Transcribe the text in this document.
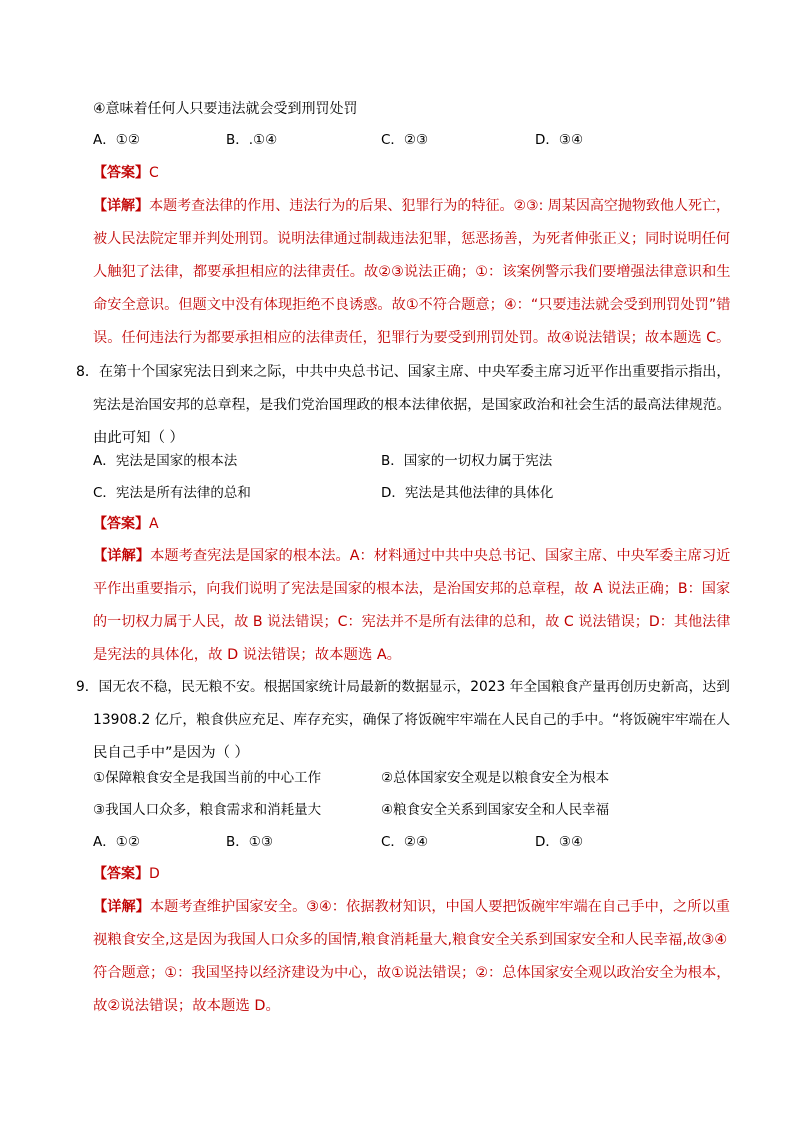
④意味着任何人只要违法就会受到刑罚处罚
A．①②	B．.①④	C．②③	D．③④
【答案】C
【详解】本题考查法律的作用、违法行为的后果、犯罪行为的特征。②③: 周某因高空抛物致他人死亡，
被人民法院定罪并判处刑罚。说明法律通过制裁违法犯罪，惩恶扬善，为死者伸张正义；同时说明任何
人触犯了法律，都要承担相应的法律责任。故②③说法正确；①：该案例警示我们要增强法律意识和生
命安全意识。但题文中没有体现拒绝不良诱惑。故①不符合题意；④：“只要违法就会受到刑罚处罚”错
误。任何违法行为都要承担相应的法律责任，犯罪行为要受到刑罚处罚。故④说法错误；故本题选 C。
8．在第十个国家宪法日到来之际，中共中央总书记、国家主席、中央军委主席习近平作出重要指示指出，
宪法是治国安邦的总章程，是我们党治国理政的根本法律依据，是国家政治和社会生活的最高法律规范。
由此可知（ ）
A．宪法是国家的根本法	B．国家的一切权力属于宪法
C．宪法是所有法律的总和	D．宪法是其他法律的具体化
【答案】A
【详解】本题考查宪法是国家的根本法。A：材料通过中共中央总书记、国家主席、中央军委主席习近
平作出重要指示，向我们说明了宪法是国家的根本法，是治国安邦的总章程，故 A 说法正确；B：国家
的一切权力属于人民，故 B 说法错误；C：宪法并不是所有法律的总和，故 C 说法错误；D：其他法律
是宪法的具体化，故 D 说法错误；故本题选 A。
9．国无农不稳，民无粮不安。根据国家统计局最新的数据显示，2023 年全国粮食产量再创历史新高，达到
13908.2 亿斤，粮食供应充足、库存充实，确保了将饭碗牢牢端在人民自己的手中。“将饭碗牢牢端在人
民自己手中”是因为（ ）
①保障粮食安全是我国当前的中心工作	②总体国家安全观是以粮食安全为根本
③我国人口众多，粮食需求和消耗量大	④粮食安全关系到国家安全和人民幸福
A．①②	B．①③	C．②④	D．③④
【答案】D
【详解】本题考查维护国家安全。③④：依据教材知识，中国人要把饭碗牢牢端在自己手中，之所以重
视粮食安全,这是因为我国人口众多的国情,粮食消耗量大,粮食安全关系到国家安全和人民幸福,故③④
符合题意；①：我国坚持以经济建设为中心，故①说法错误；②：总体国家安全观以政治安全为根本，
故②说法错误；故本题选 D。
